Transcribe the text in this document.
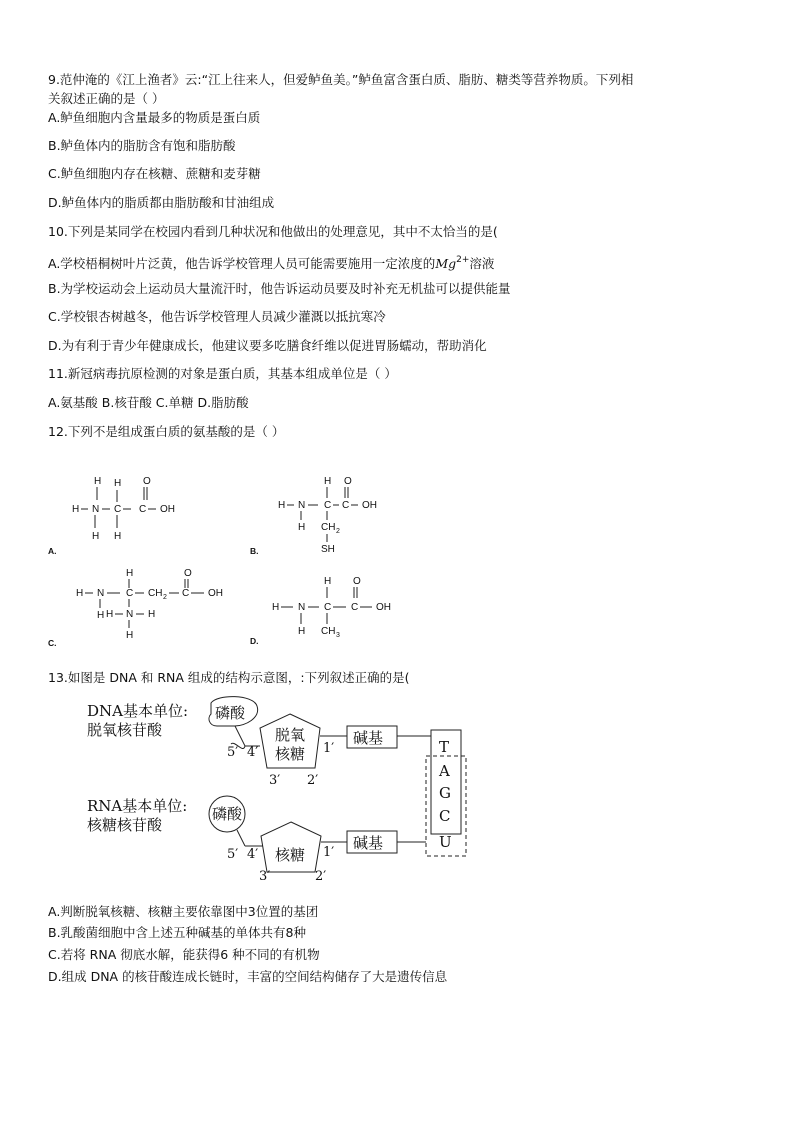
9.范仲淹的《江上渔者》云:“江上往来人，但爱鲈鱼美。”鲈鱼富含蛋白质、脂肪、糖类等营养物质。下列相
关叙述正确的是（ ）
A.鲈鱼细胞内含量最多的物质是蛋白质
B.鲈鱼体内的脂肪含有饱和脂肪酸
C.鲈鱼细胞内存在核糖、蔗糖和麦芽糖
D.鲈鱼体内的脂质都由脂肪酸和甘油组成
10.下列是某同学在校园内看到几种状况和他做出的处理意见，其中不太恰当的是(
A.学校梧桐树叶片泛黄，他告诉学校管理人员可能需要施用一定浓度的$Mg^{2+}$溶液
B.为学校运动会上运动员大量流汗时，他告诉运动员要及时补充无机盐可以提供能量
C.学校银杏树越冬，他告诉学校管理人员减少灌溉以抵抗寒冷
D.为有利于青少年健康成长，他建议要多吃膳食纤维以促进胃肠蠕动，帮助消化
11.新冠病毒抗原检测的对象是蛋白质，其基本组成单位是（ ）
A.氨基酸 B.核苷酸 C.单糖 D.脂肪酸
12.下列不是组成蛋白质的氨基酸的是（ ）
H	O
H N C C OH
H
H H
A.
H O
H N C C OH
H CH 2
SH
B.
H	O
H N C CH 2 C OH
H N H
H
H
C.
H O
H N C C OH
H CH 3
D.
13.如图是 DNA 和 RNA 组成的结构示意图，:下列叙述正确的是(
DNA基本单位:
脱氧核苷酸
磷酸
5′ 4′
脱氧
核糖
3′ 2′
1′
碱基	T
A
G
C
U
RNA基本单位:
核糖核苷酸
磷酸
5′ 4′ 核糖
3′	2′
1′
碱基
A.判断脱氧核糖、核糖主要依靠图中3位置的基团
B.乳酸菌细胞中含上述五种碱基的单体共有8种
C.若将 RNA 彻底水解，能获得6 种不同的有机物
D.组成 DNA 的核苷酸连成长链时，丰富的空间结构储存了大是遗传信息
